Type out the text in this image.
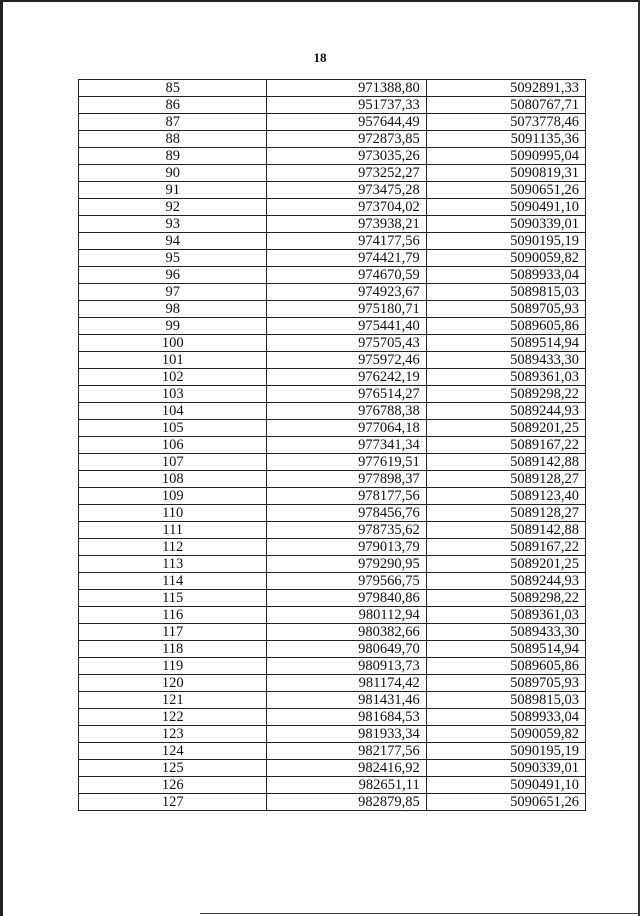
18
85	971388,80	5092891,33
86	951737,33	5080767,71
87	957644,49	5073778,46
88	972873,85	5091135,36
89	973035,26	5090995,04
90	973252,27	5090819,31
91	973475,28	5090651,26
92	973704,02	5090491,10
93	973938,21	5090339,01
94	974177,56	5090195,19
95	974421,79	5090059,82
96	974670,59	5089933,04
97	974923,67	5089815,03
98	975180,71	5089705,93
99	975441,40	5089605,86
100	975705,43	5089514,94
101	975972,46	5089433,30
102	976242,19	5089361,03
103	976514,27	5089298,22
104	976788,38	5089244,93
105	977064,18	5089201,25
106	977341,34	5089167,22
107	977619,51	5089142,88
108	977898,37	5089128,27
109	978177,56	5089123,40
110	978456,76	5089128,27
111	978735,62	5089142,88
112	979013,79	5089167,22
113	979290,95	5089201,25
114	979566,75	5089244,93
115	979840,86	5089298,22
116	980112,94	5089361,03
117	980382,66	5089433,30
118	980649,70	5089514,94
119	980913,73	5089605,86
120	981174,42	5089705,93
121	981431,46	5089815,03
122	981684,53	5089933,04
123	981933,34	5090059,82
124	982177,56	5090195,19
125	982416,92	5090339,01
126	982651,11	5090491,10
127	982879,85	5090651,26
